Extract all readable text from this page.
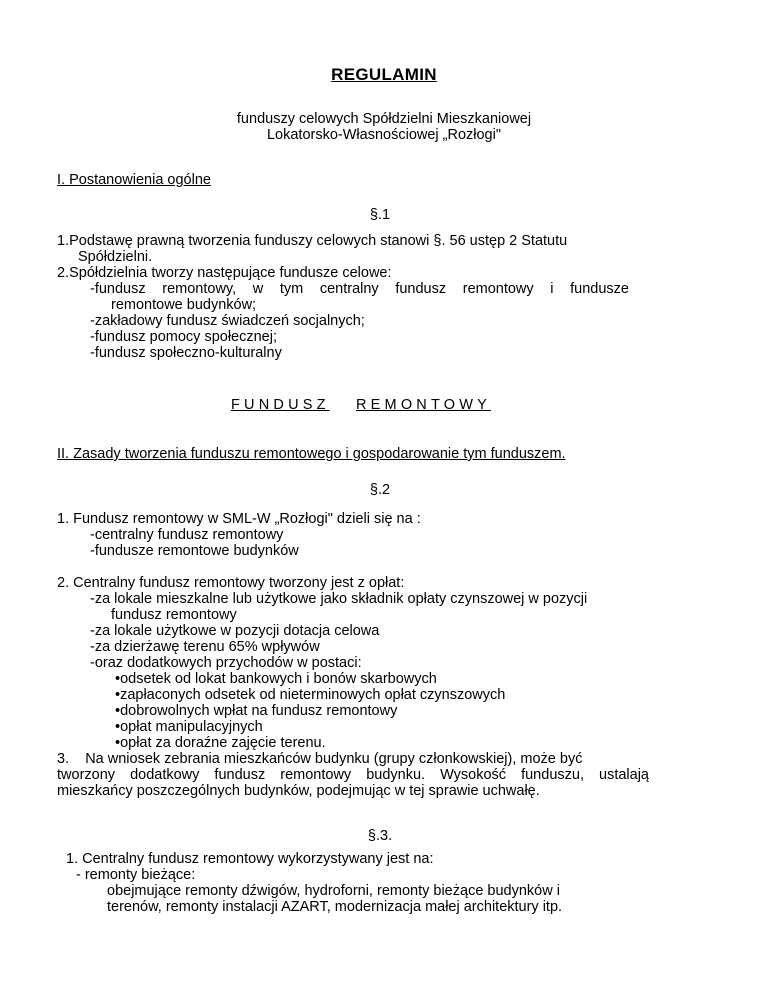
REGULAMIN
funduszy celowych Spółdzielni Mieszkaniowej
Lokatorsko-Własnościowej „Rozłogi"
I. Postanowienia ogólne
§.1
1.Podstawę prawną tworzenia funduszy celowych stanowi §. 56 ustęp 2 Statutu
Spółdzielni.
2.Spółdzielnia tworzy następujące fundusze celowe:
-fundusz remontowy, w tym centralny fundusz remontowy i fundusze
remontowe budynków;
-zakładowy fundusz świadczeń socjalnych;
-fundusz pomocy społecznej;
-fundusz społeczno-kulturalny
FUNDUSZ REMONTOWY
II. Zasady tworzenia funduszu remontowego i gospodarowanie tym funduszem.
§.2
1. Fundusz remontowy w SML-W „Rozłogi" dzieli się na :
-centralny fundusz remontowy
-fundusze remontowe budynków
2. Centralny fundusz remontowy tworzony jest z opłat:
-za lokale mieszkalne lub użytkowe jako składnik opłaty czynszowej w pozycji
fundusz remontowy
-za lokale użytkowe w pozycji dotacja celowa
-za dzierżawę terenu 65% wpływów
-oraz dodatkowych przychodów w postaci:
•odsetek od lokat bankowych i bonów skarbowych
•zapłaconych odsetek od nieterminowych opłat czynszowych
•dobrowolnych wpłat na fundusz remontowy
•opłat manipulacyjnych
•opłat za doraźne zajęcie terenu.
3.    Na wniosek zebrania mieszkańców budynku (grupy członkowskiej), może być
tworzony dodatkowy fundusz remontowy budynku. Wysokość funduszu, ustalają
mieszkańcy poszczególnych budynków, podejmując w tej sprawie uchwałę.
§.3.
1. Centralny fundusz remontowy wykorzystywany jest na:
- remonty bieżące:
obejmujące remonty dźwigów, hydroforni, remonty bieżące budynków i
terenów, remonty instalacji AZART, modernizacja małej architektury itp.
